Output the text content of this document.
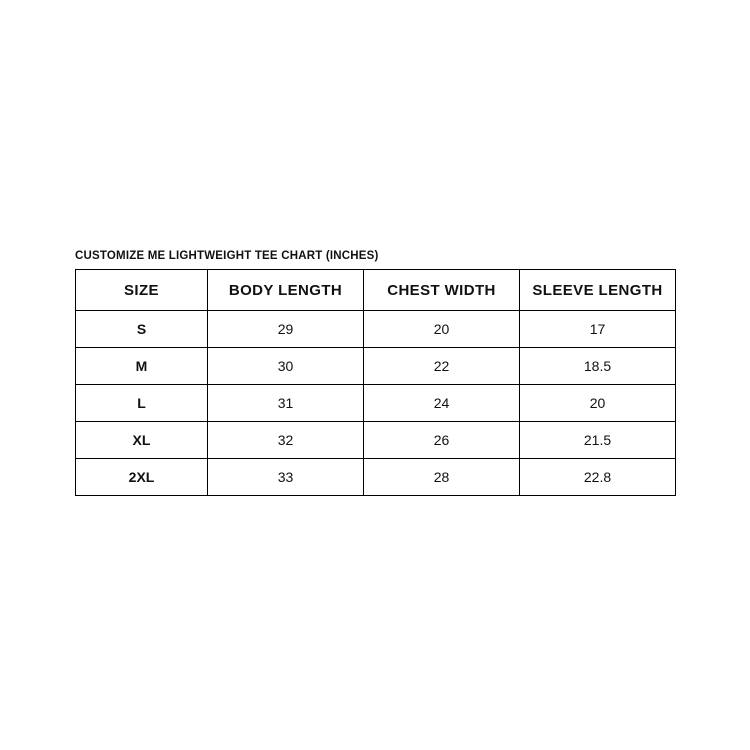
CUSTOMIZE ME LIGHTWEIGHT TEE CHART (INCHES)
SIZE	BODY LENGTH	CHEST WIDTH	SLEEVE LENGTH
S	29	20	17
M	30	22	18.5
L	31	24	20
XL	32	26	21.5
2XL	33	28	22.8
